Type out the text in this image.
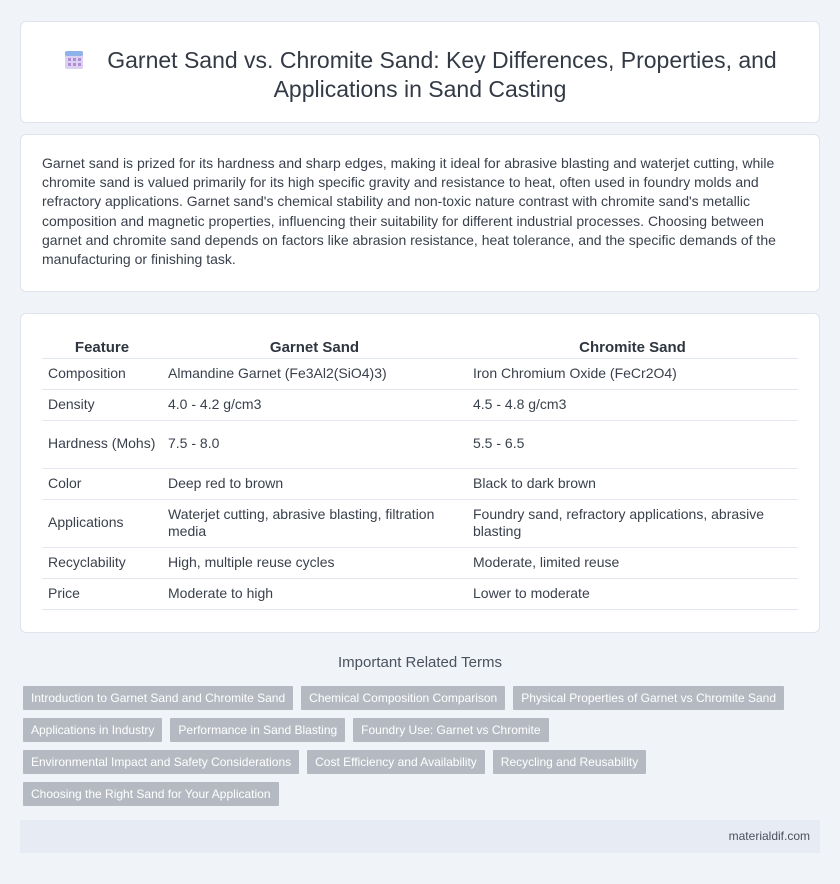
Garnet Sand vs. Chromite Sand: Key Differences, Properties, and Applications in Sand Casting

Garnet sand is prized for its hardness and sharp edges, making it ideal for abrasive blasting and waterjet cutting, while chromite sand is valued primarily for its high specific gravity and resistance to heat, often used in foundry molds and refractory applications. Garnet sand's chemical stability and non-toxic nature contrast with chromite sand's metallic composition and magnetic properties, influencing their suitability for different industrial processes. Choosing between garnet and chromite sand depends on factors like abrasion resistance, heat tolerance, and the specific demands of the manufacturing or finishing task.

Feature	Garnet Sand	Chromite Sand
Composition	Almandine Garnet (Fe3Al2(SiO4)3)	Iron Chromium Oxide (FeCr2O4)
Density	4.0 - 4.2 g/cm3	4.5 - 4.8 g/cm3
Hardness (Mohs)	7.5 - 8.0	5.5 - 6.5
Color	Deep red to brown	Black to dark brown
Applications	Waterjet cutting, abrasive blasting, filtration media	Foundry sand, refractory applications, abrasive blasting
Recyclability	High, multiple reuse cycles	Moderate, limited reuse
Price	Moderate to high	Lower to moderate
Important Related Terms
Introduction to Garnet Sand and Chromite Sand	Chemical Composition Comparison	Physical Properties of Garnet vs Chromite Sand
Applications in Industry	Performance in Sand Blasting	Foundry Use: Garnet vs Chromite
Environmental Impact and Safety Considerations	Cost Efficiency and Availability	Recycling and Reusability
Choosing the Right Sand for Your Application
materialdif.com
